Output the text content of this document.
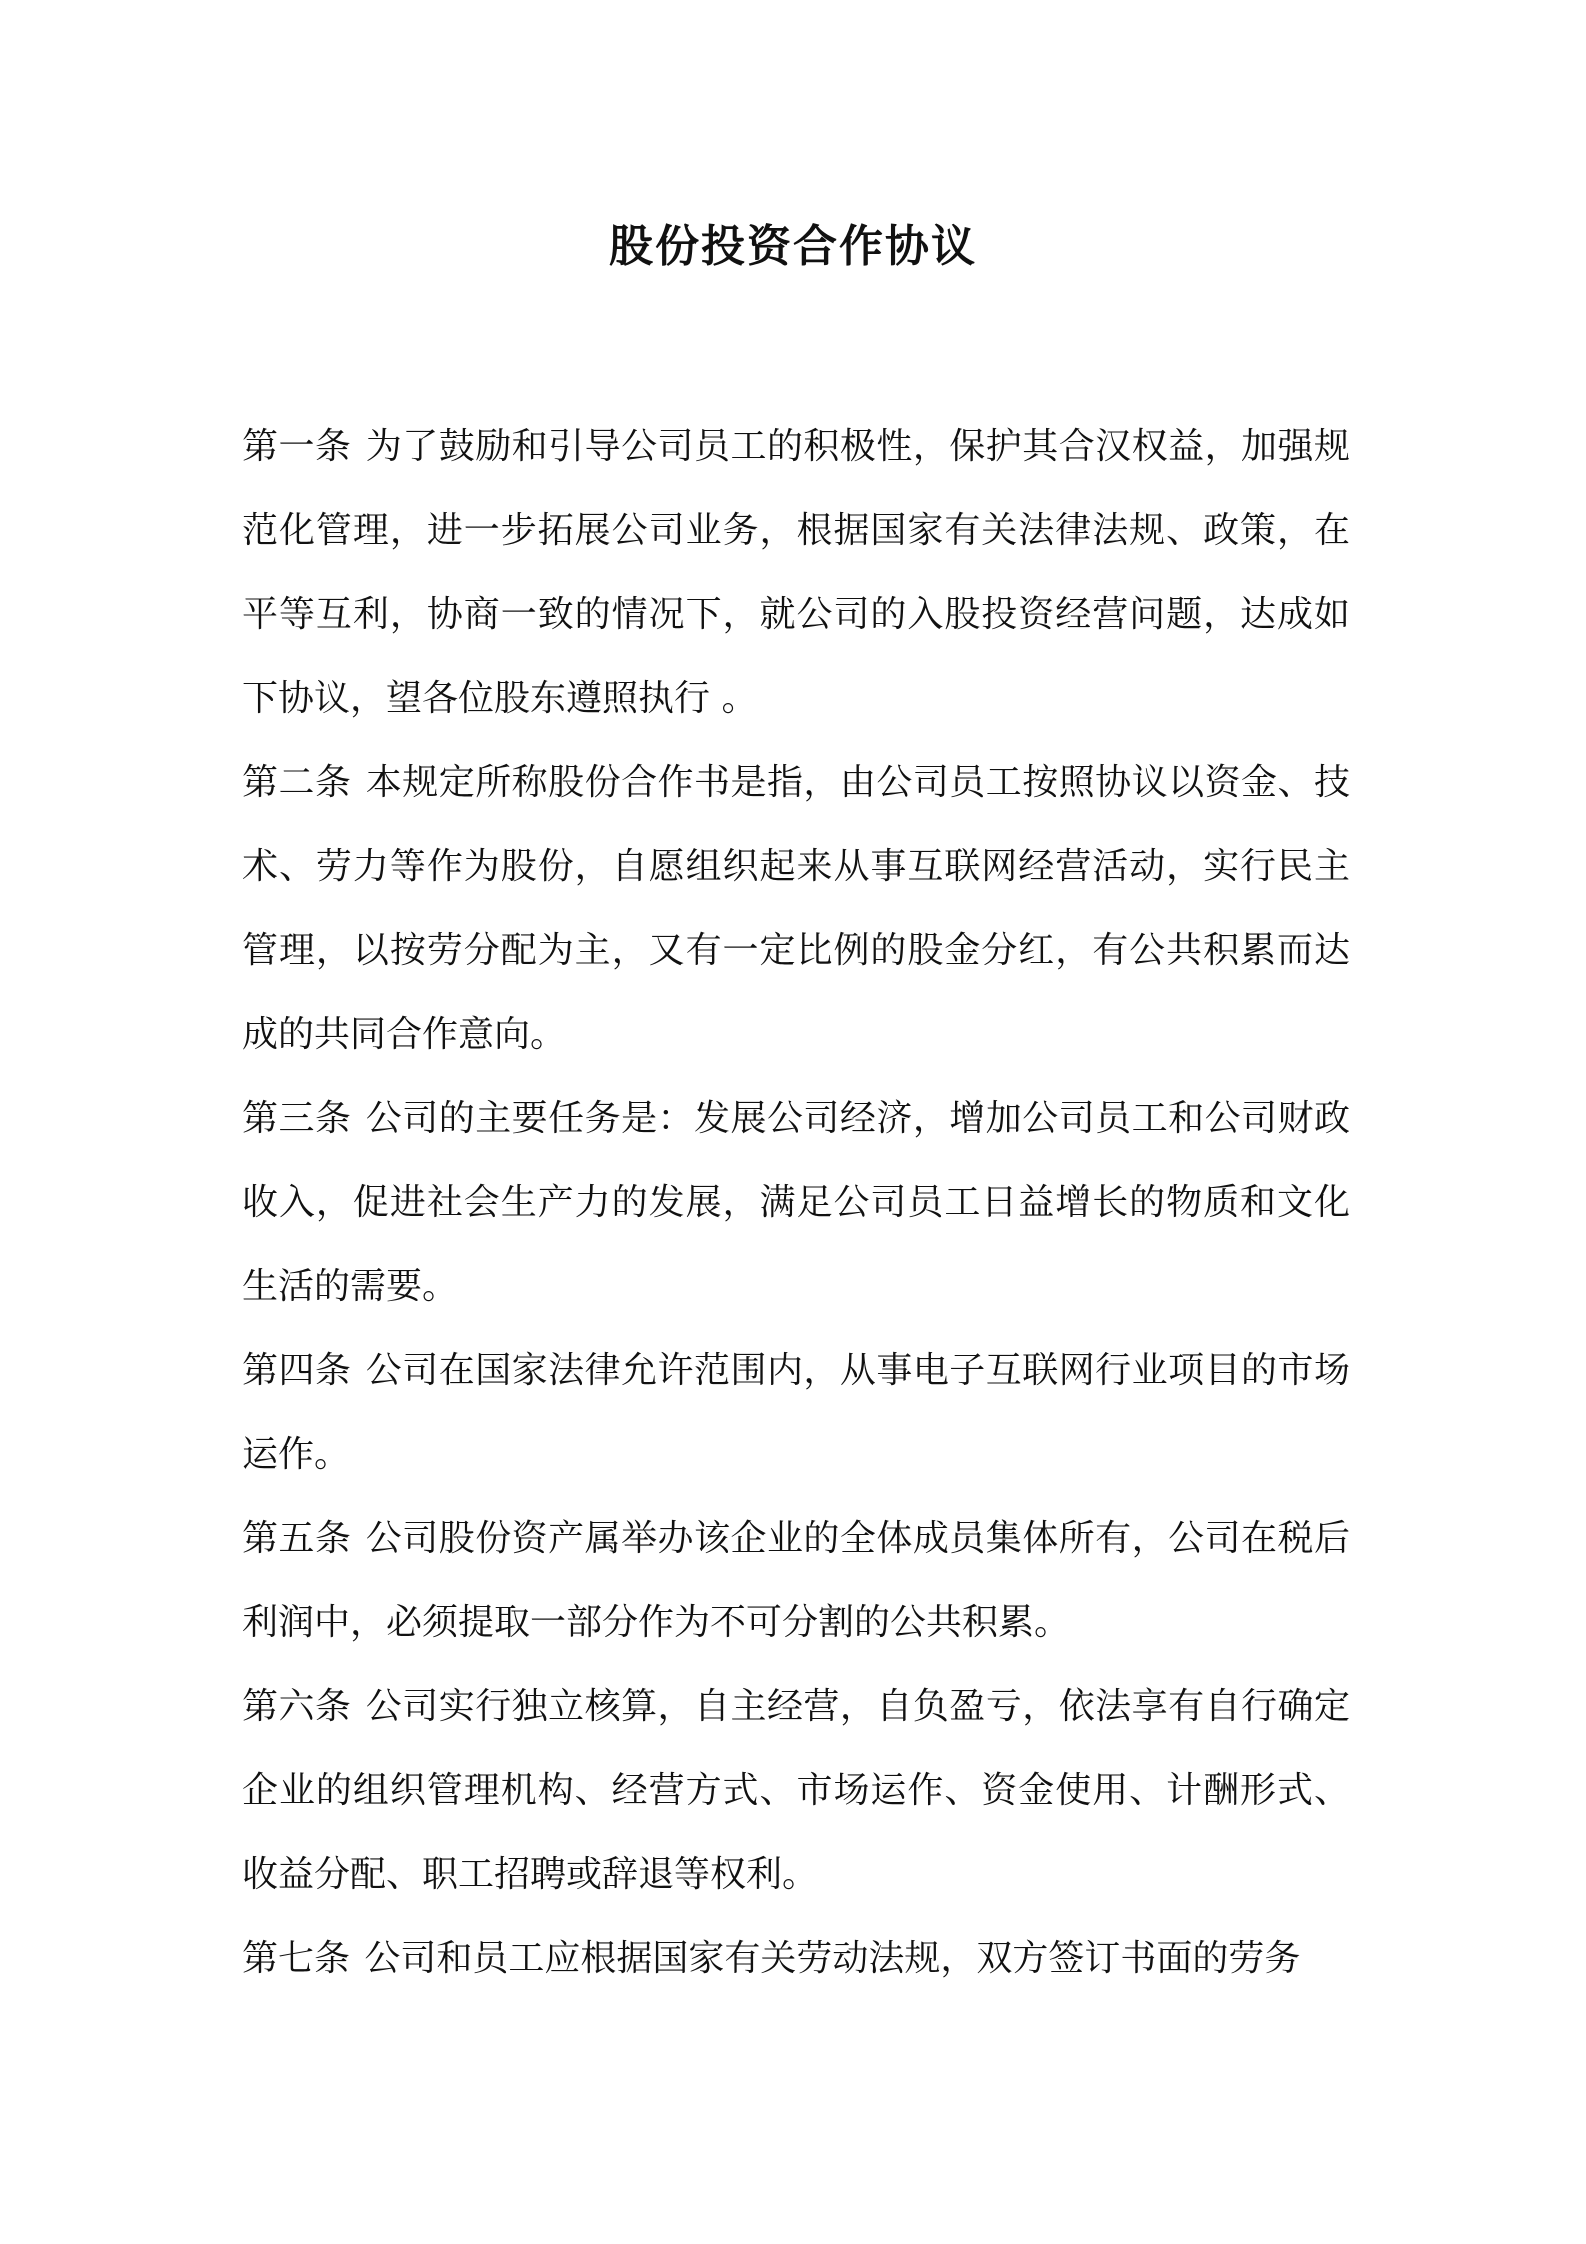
股份投资合作协议

第一条 为了鼓励和引导公司员工的积极性，保护其合汉权益，加强规范化管理，进一步拓展公司业务，根据国家有关法律法规、政策，在平等互利，协商一致的情况下，就公司的入股投资经营问题，达成如下协议，望各位股东遵照执行 。

第二条 本规定所称股份合作书是指，由公司员工按照协议以资金、技术、劳力等作为股份，自愿组织起来从事互联网经营活动，实行民主管理，以按劳分配为主，又有一定比例的股金分红，有公共积累而达成的共同合作意向。

第三条 公司的主要任务是：发展公司经济，增加公司员工和公司财政收入，促进社会生产力的发展，满足公司员工日益增长的物质和文化生活的需要。

第四条 公司在国家法律允许范围内，从事电子互联网行业项目的市场运作。

第五条 公司股份资产属举办该企业的全体成员集体所有，公司在税后利润中，必须提取一部分作为不可分割的公共积累。

第六条 公司实行独立核算，自主经营，自负盈亏，依法享有自行确定企业的组织管理机构、经营方式、市场运作、资金使用、计酬形式、收益分配、职工招聘或辞退等权利。

第七条 公司和员工应根据国家有关劳动法规，双方签订书面的劳务
